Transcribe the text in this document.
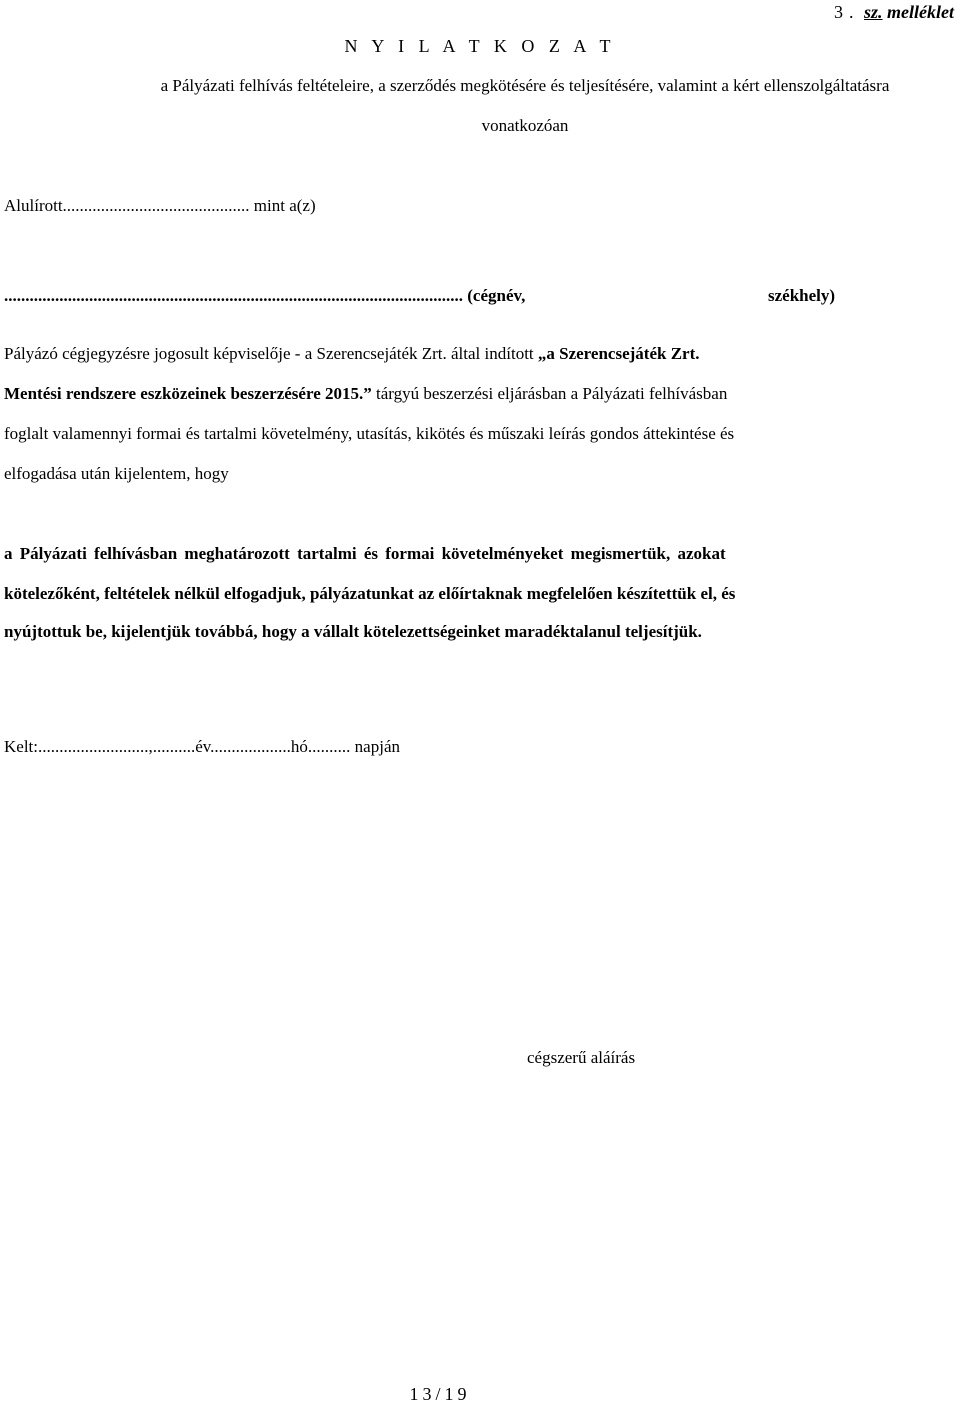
3. sz. melléklet
N Y I L A T K O Z A T
a Pályázati felhívás feltételeire, a szerződés megkötésére és teljesítésére, valamint a kért ellenszolgáltatásra
vonatkozóan
Alulírott............................................ mint a(z)
............................................................................................................ (cégnév,	székhely)
Pályázó cégjegyzésre jogosult képviselője - a Szerencsejáték Zrt. által indított „a Szerencsejáték Zrt.
Mentési rendszere eszközeinek beszerzésére 2015.” tárgyú beszerzési eljárásban a Pályázati felhívásban
foglalt valamennyi formai és tartalmi követelmény, utasítás, kikötés és műszaki leírás gondos áttekintése és
elfogadása után kijelentem, hogy
a Pályázati felhívásban meghatározott tartalmi és formai követelményeket megismertük, azokat
kötelezőként, feltételek nélkül elfogadjuk, pályázatunkat az előírtaknak megfelelően készítettük el, és
nyújtottuk be, kijelentjük továbbá, hogy a vállalt kötelezettségeinket maradéktalanul teljesítjük.
Kelt:..........................,..........év...................hó.......... napján
cégszerű aláírás
13/19
